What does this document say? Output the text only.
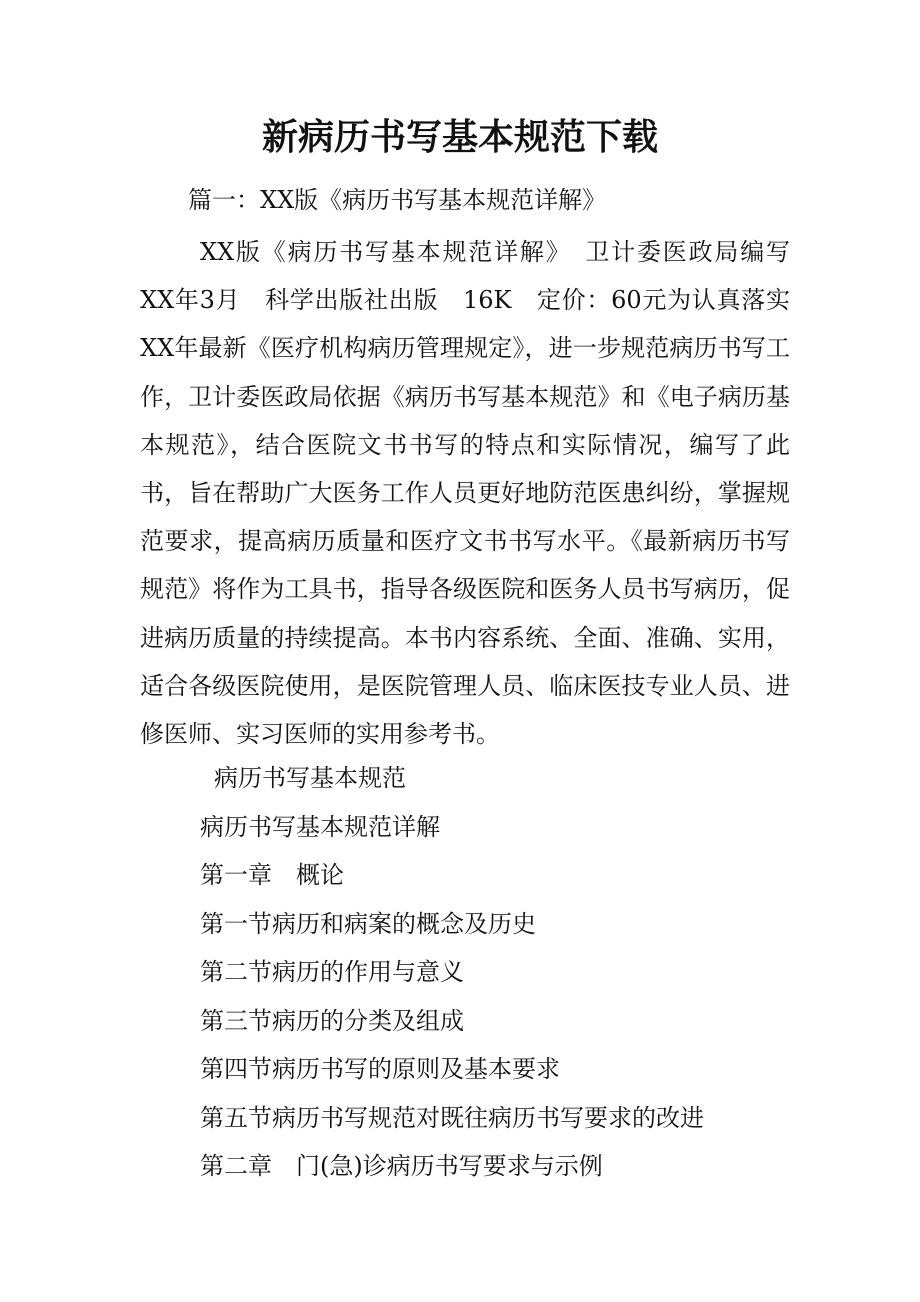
新病历书写基本规范下载
篇一：XX版《病历书写基本规范详解》
XX版《病历书写基本规范详解》　卫计委医政局编写　XX年3月　科学出版社出版　16K　定价：60元为认真落实XX年最新《医疗机构病历管理规定》，进一步规范病历书写工作，卫计委医政局依据《病历书写基本规范》和《电子病历基本规范》，结合医院文书书写的特点和实际情况，编写了此书，旨在帮助广大医务工作人员更好地防范医患纠纷，掌握规范要求，提高病历质量和医疗文书书写水平。《最新病历书写规范》将作为工具书，指导各级医院和医务人员书写病历，促进病历质量的持续提高。本书内容系统、全面、准确、实用，适合各级医院使用，是医院管理人员、临床医技专业人员、进修医师、实习医师的实用参考书。
病历书写基本规范
病历书写基本规范详解
第一章　概论
第一节病历和病案的概念及历史
第二节病历的作用与意义
第三节病历的分类及组成
第四节病历书写的原则及基本要求
第五节病历书写规范对既往病历书写要求的改进
第二章　门(急)诊病历书写要求与示例
